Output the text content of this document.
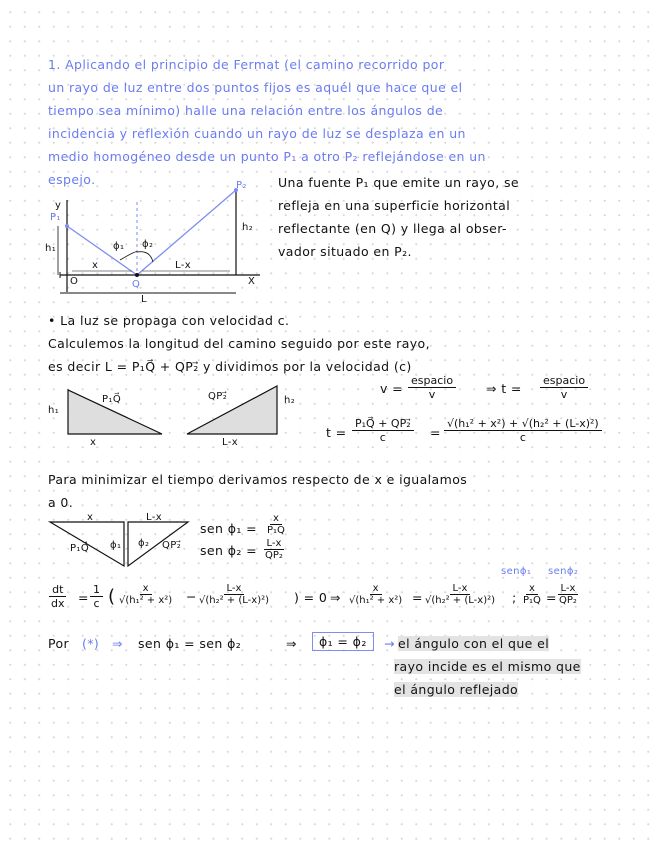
1. Aplicando el principio de Fermat (el camino recorrido por
un rayo de luz entre dos puntos fijos es aquél que hace que el
tiempo sea mínimo) halle una relación entre los ángulos de
incidencia y reflexión cuando un rayo de luz se desplaza en un
medio homogéneo desde un punto P₁ a otro P₂ reflejándose en un
espejo.
P₁
P₂
y
h₁
h₂
ϕ₁ ϕ₂
x	L-x
O	Q
L
X
Una fuente P₁ que emite un rayo, se
refleja en una superficie horizontal
reflectante (en Q) y llega al obser-
vador situado en P₂.
• La luz se propaga con velocidad c.
Calculemos la longitud del camino seguido por este rayo,
es decir L = P₁Q⃗ + QP₂⃗ y dividimos por la velocidad (c)
h₁
P₁Q⃗
x
QP₂⃗	h₂
L-x
v =
espacio
v	⇒ t =
espacio
v
$t = \frac{\text{P₁Q⃗ + QP₂⃗}}{c} = \frac{\text{√(h₁² + x²) + √(h₂² + (L-x)²)}}{c}$
Para minimizar el tiempo derivamos respecto de x e igualamos
a 0.
x	L-x
P₁Q⃗ ϕ₁ ϕ₂ QP₂⃗
sen $\phi_1 = \frac{x}{\text{P₁Q}}$
sen $\phi_2 = \frac{L-x}{\text{QP₂}}$
senϕ₁ senϕ₂
$\frac{dt}{dx} = \frac{1}{c}$ ( $\frac{x}{\text{√(h₁² + x²)}} - \frac{L-x}{\text{√(h₂² + (L-x)²)}}$ ) = 0 ⇒ $\frac{x}{\text{√(h₁² + x²)}} = \frac{L-x}{\text{√(h₂² + (L-x)²)}}$ ; $\frac{x}{\text{P₁Q}} = \frac{L-x}{\text{QP₂}}$
Por (*) ⇒ sen ϕ₁ = sen ϕ₂	⇒	ϕ₁ = ϕ₂	→ el ángulo con el que el
rayo incide es el mismo que
el ángulo reflejado
